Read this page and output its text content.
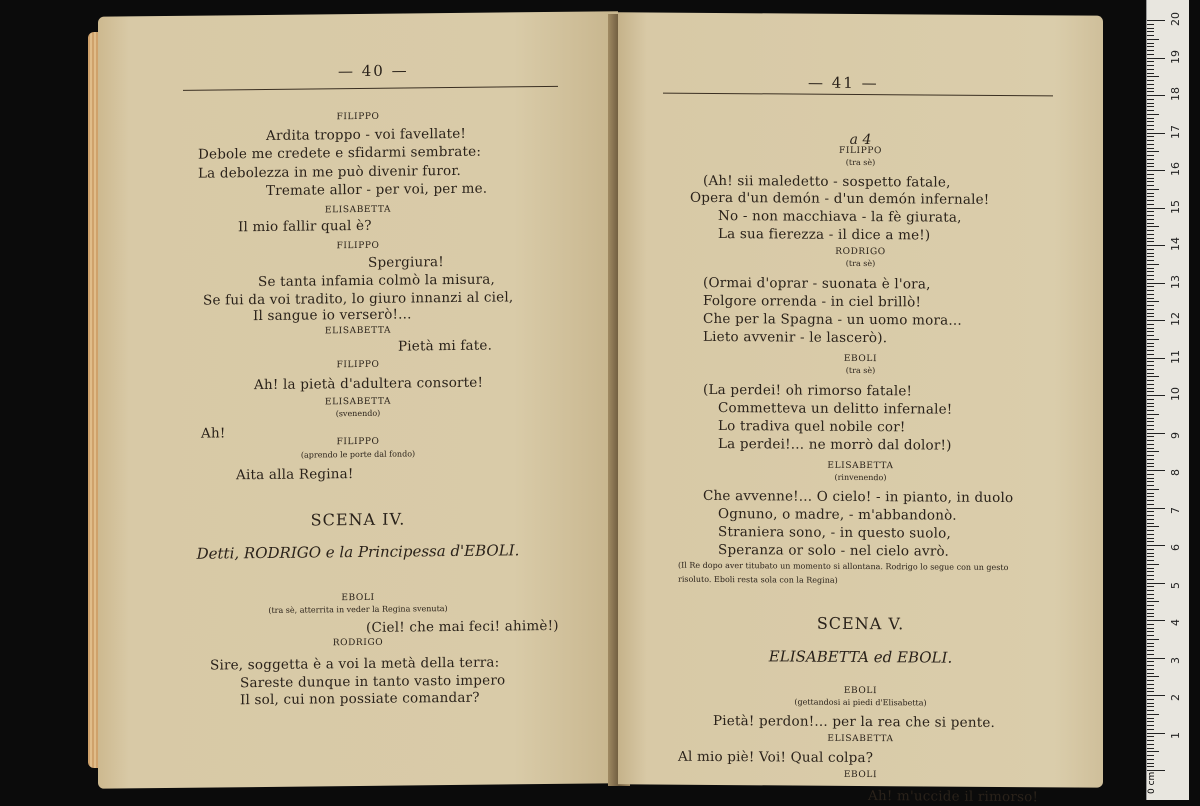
— 40 —
FILIPPO
Ardita troppo - voi favellate!
Debole me credete e sfidarmi sembrate:
La debolezza in me può divenir furor.
Tremate allor - per voi, per me.
ELISABETTA
Il mio fallir qual è?
FILIPPO
Spergiura!
Se tanta infamia colmò la misura,
Se fui da voi tradito, lo giuro innanzi al ciel,
Il sangue io verserò!...
ELISABETTA
Pietà mi fate.
FILIPPO
Ah! la pietà d'adultera consorte!
ELISABETTA
(svenendo)
Ah!
FILIPPO
(aprendo le porte dal fondo)
Aita alla Regina!
SCENA IV.
Detti, RODRIGO e la Principessa d'EBOLI.
EBOLI
(tra sè, atterrita in veder la Regina svenuta)
(Ciel! che mai feci! ahimè!)
RODRIGO
Sire, soggetta è a voi la metà della terra:
Sareste dunque in tanto vasto impero
Il sol, cui non possiate comandar?
— 41 —
a 4
FILIPPO
(tra sè)
(Ah! sii maledetto - sospetto fatale,
Opera d'un demón - d'un demón infernale!
No - non macchiava - la fè giurata,
La sua fierezza - il dice a me!)
RODRIGO
(tra sè)
(Ormai d'oprar - suonata è l'ora,
Folgore orrenda - in ciel brillò!
Che per la Spagna - un uomo mora...
Lieto avvenir - le lascerò).
EBOLI
(tra sè)
(La perdei! oh rimorso fatale!
Commetteva un delitto infernale!
Lo tradiva quel nobile cor!
La perdei!... ne morrò dal dolor!)
ELISABETTA
(rinvenendo)
Che avvenne!... O cielo! - in pianto, in duolo
Ognuno, o madre, - m'abbandonò.
Straniera sono, - in questo suolo,
Speranza or solo - nel cielo avrò.
(Il Re dopo aver titubato un momento si allontana. Rodrigo lo segue con un gesto
risoluto. Eboli resta sola con la Regina)
SCENA V.
ELISABETTA ed EBOLI.
EBOLI
(gettandosi ai piedi d'Elisabetta)
Pietà! perdon!... per la rea che si pente.
ELISABETTA
Al mio piè! Voi! Qual colpa?
EBOLI
Ah! m'uccide il rimorso!
0 cm
1
2
3
4
5
6
7
8
9
10
11
12
13
14
15
16
17
18
19
20
